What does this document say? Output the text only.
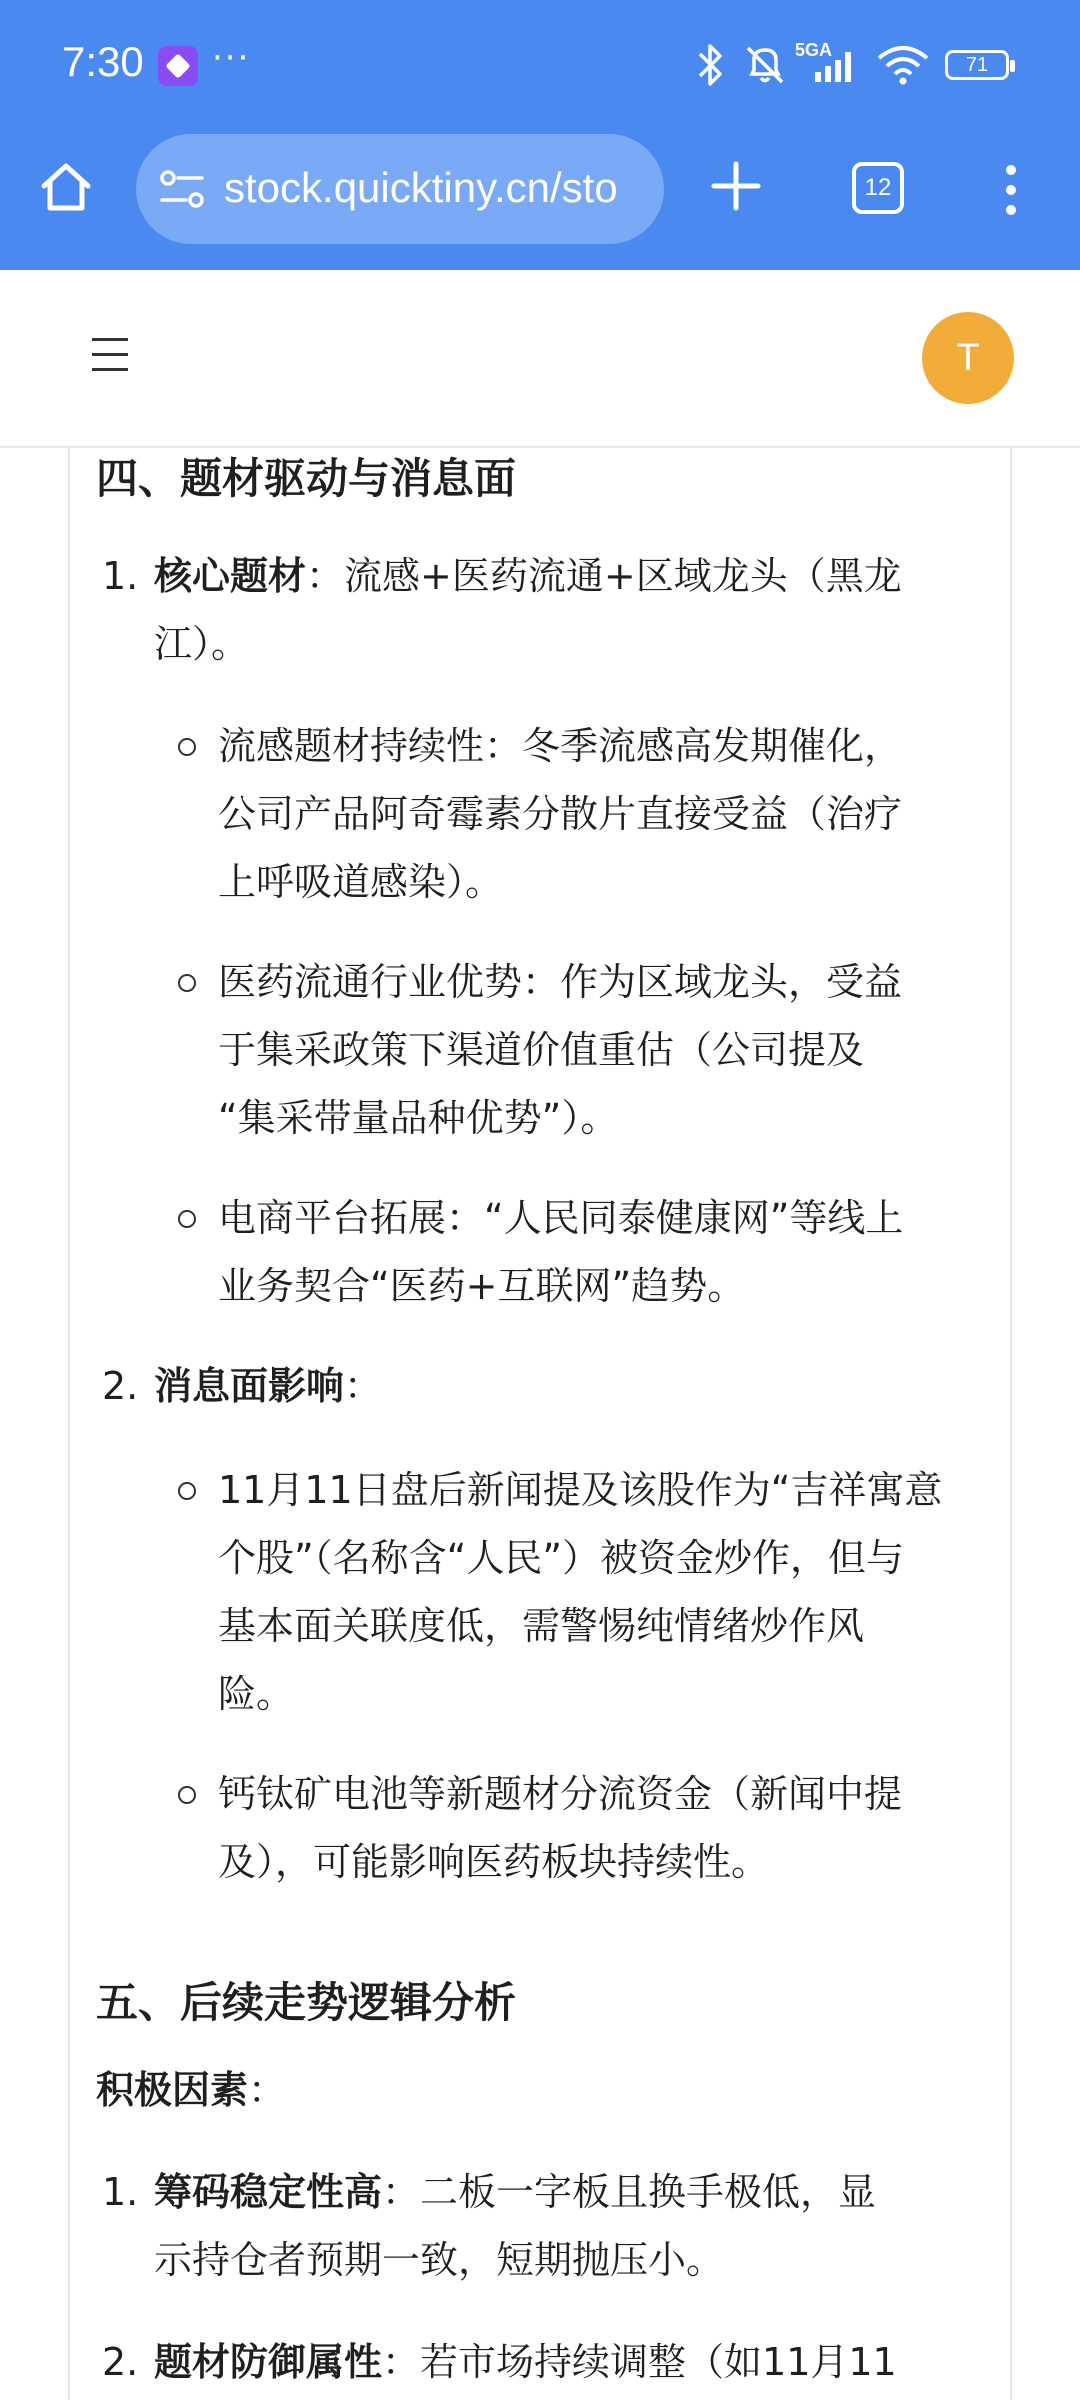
7:30 ···	5GA
71
stock.quicktiny.cn/sto	12
T
四、题材驱动与消息面
1. 核心题材：流感+医药流通+区域龙头（黑龙
江）。
流感题材持续性：冬季流感高发期催化，
公司产品阿奇霉素分散片直接受益（治疗
上呼吸道感染）。
医药流通行业优势：作为区域龙头，受益
于集采政策下渠道价值重估（公司提及
“集采带量品种优势”）。
电商平台拓展：“人民同泰健康网”等线上
业务契合“医药+互联网”趋势。
2. 消息面影响：
11月11日盘后新闻提及该股作为“吉祥寓意
个股”（名称含“人民”）被资金炒作，但与
基本面关联度低，需警惕纯情绪炒作风
险。
钙钛矿电池等新题材分流资金（新闻中提
及），可能影响医药板块持续性。
五、后续走势逻辑分析
积极因素：
1. 筹码稳定性高：二板一字板且换手极低，显
示持仓者预期一致，短期抛压小。
2. 题材防御属性：若市场持续调整（如11月11
